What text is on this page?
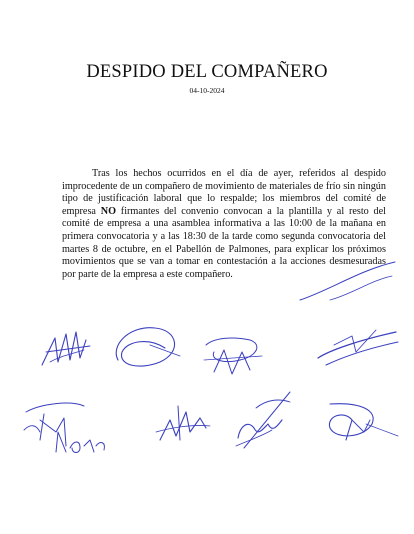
DESPIDO DEL COMPAÑERO
04-10-2024

Tras los hechos ocurridos en el día de ayer, referidos al despido improcedente de un compañero de movimiento de materiales de frío sin ningún tipo de justificación laboral que lo respalde; los miembros del comité de empresa NO firmantes del convenio convocan a la plantilla y al resto del comité de empresa a una asamblea informativa a las 10:00 de la mañana en primera convocatoria y a las 18:30 de la tarde como segunda convocatoria del martes 8 de octubre, en el Pabellón de Palmones, para explicar los próximos movimientos que se van a tomar en contestación a la acciones desmesuradas por parte de la empresa a este compañero.
